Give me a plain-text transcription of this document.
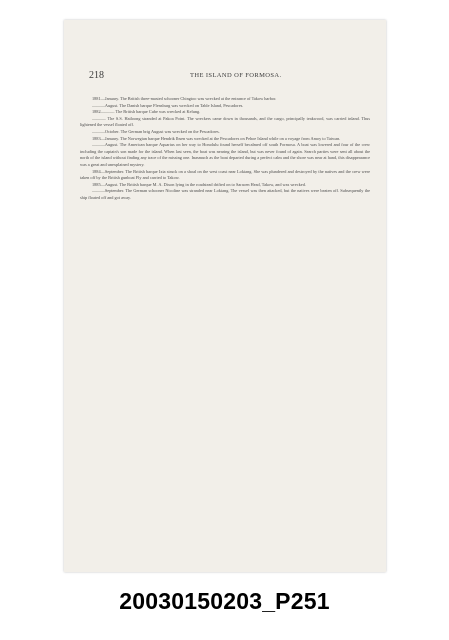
218	THE ISLAND OF FORMOSA.

1881—January. The British three-masted schooner Chingtoo was wrecked at the entrance of Takow harbor.

———August. The Danish barque Flensburg was wrecked on Table Island, Pescadores.

1882———. The British barque Cube was wrecked at Kelung.

———. The S.S. Hailoong stranded at Pakoa Point. The wreckers came down in thousands, and the cargo, principally teakwood, was carried inland. Thus lightened the vessel floated off.

———October. The German brig August was wrecked on the Pescadores.

1883—January. The Norwegian barque Hendrik Ibsen was wrecked at the Pescadores on Pehoe Island while on a voyage from Amoy to Taiwan.

———August. The American barque Aquarius on her way to Honolulu found herself becalmed off south Formosa. A boat was lowered and four of the crew including the captain's son made for the island. When last seen, the boat was nearing the island, but was never found of again. Search parties were sent all about the north of the island without finding any trace of the missing one. Inasmuch as the boat departed during a perfect calm and the shore was near at hand, this disappearance was a great and unexplained mystery.

1884—September. The British barque Ixia struck on a shoal on the west coast near Lokiang. She was plundered and destroyed by the natives and the crew were taken off by the British gunboat Fly and carried to Takow.

1885—August. The British barque M. A. Dixon lying in the roadstead drifted on to Saracen Head, Takow, and was wrecked.

———September. The German schooner Nicoline was stranded near Lokiang. The vessel was then attacked, but the natives were beaten off. Subsequently the ship floated off and got away.

20030150203_P251
